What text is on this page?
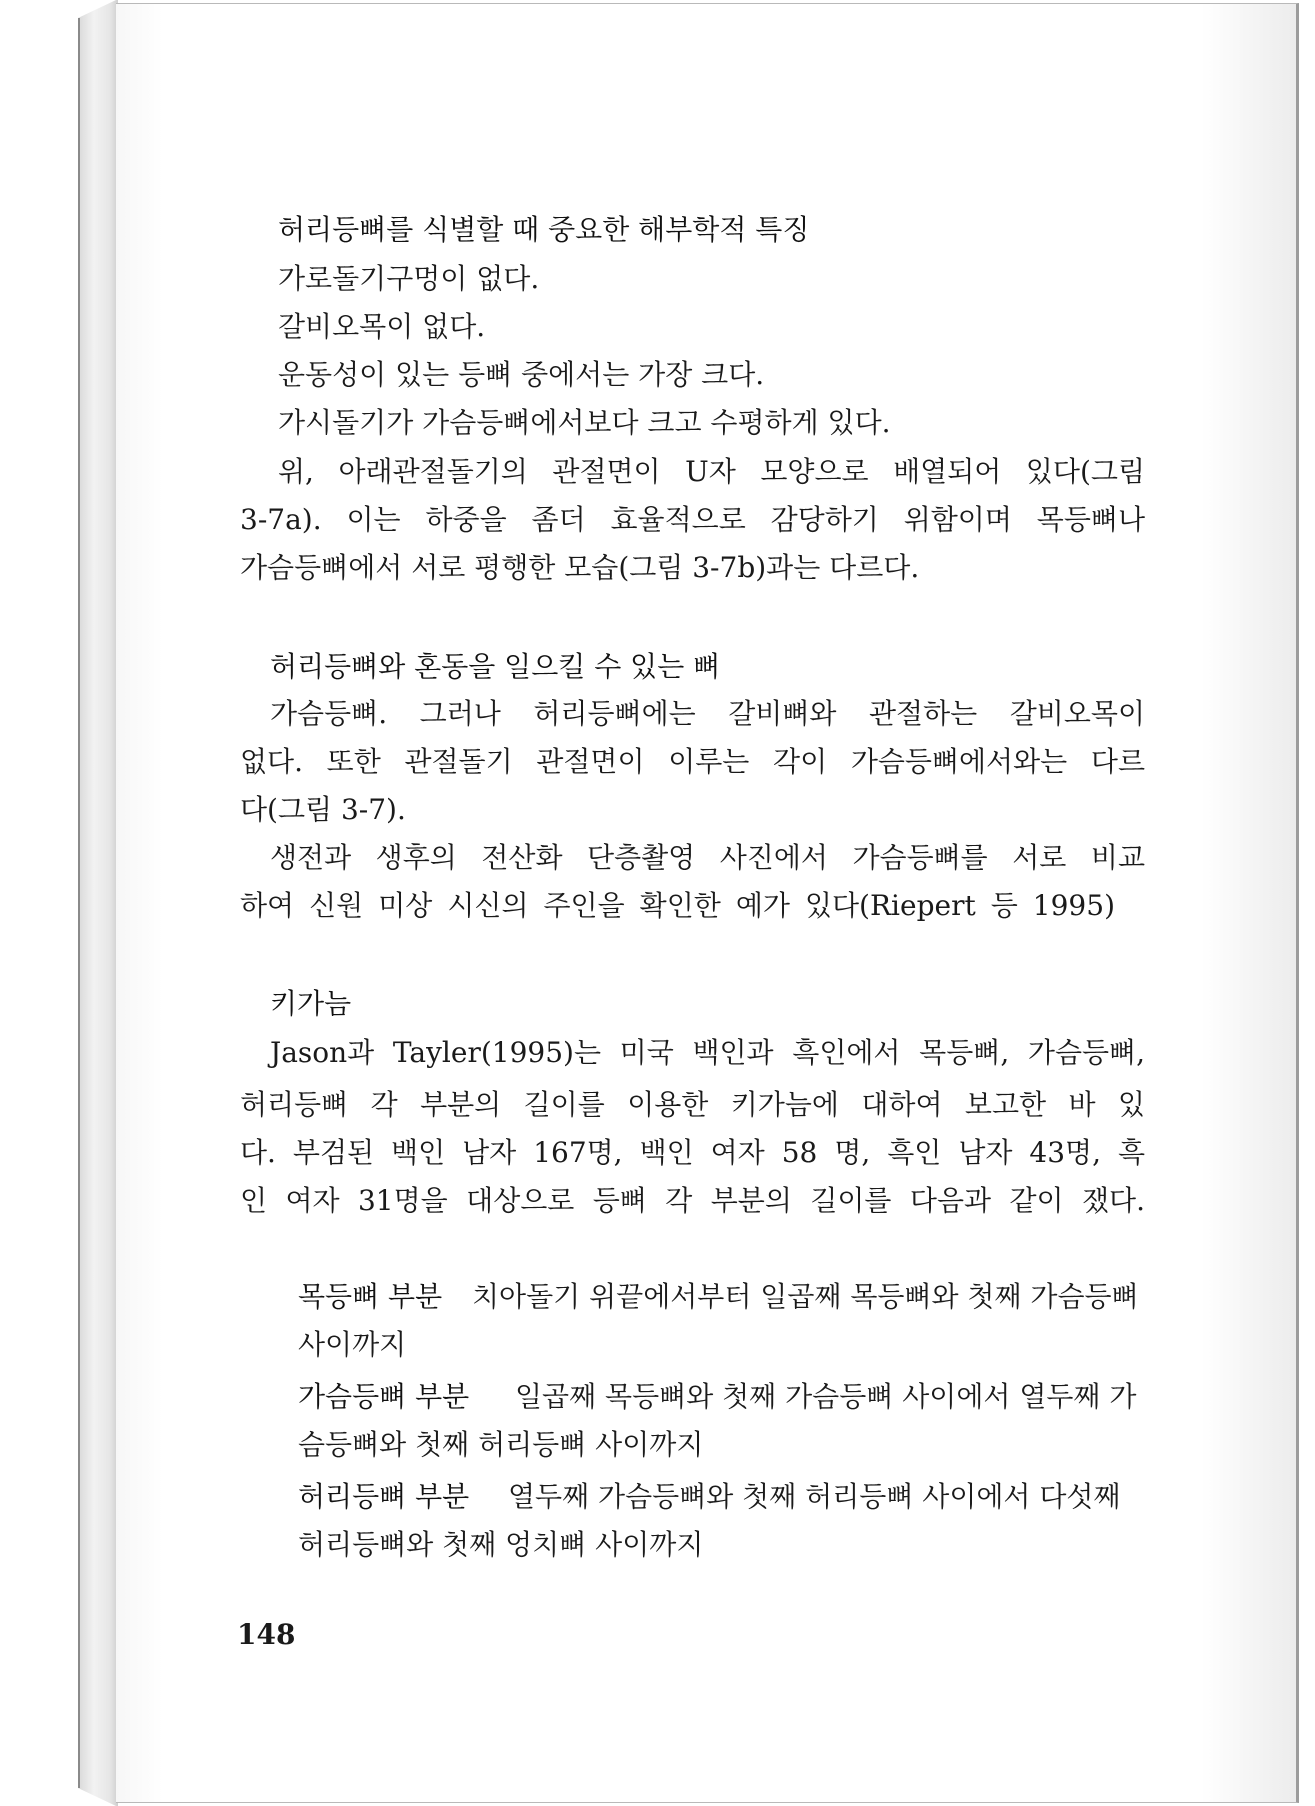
허리등뼈를 식별할 때 중요한 해부학적 특징
가로돌기구멍이 없다.
갈비오목이 없다.
운동성이 있는 등뼈 중에서는 가장 크다.
가시돌기가 가슴등뼈에서보다 크고 수평하게 있다.
위, 아래관절돌기의 관절면이 U자 모양으로 배열되어 있다(그림
3-7a). 이는 하중을 좀더 효율적으로 감당하기 위함이며 목등뼈나
가슴등뼈에서 서로 평행한 모습(그림 3-7b)과는 다르다.
허리등뼈와 혼동을 일으킬 수 있는 뼈
가슴등뼈. 그러나 허리등뼈에는 갈비뼈와 관절하는 갈비오목이
없다. 또한 관절돌기 관절면이 이루는 각이 가슴등뼈에서와는 다르
다(그림 3-7).
생전과 생후의 전산화 단층촬영 사진에서 가슴등뼈를 서로 비교
하여 신원 미상 시신의 주인을 확인한 예가 있다(Riepert 등 1995)
키가늠
Jason과 Tayler(1995)는 미국 백인과 흑인에서 목등뼈, 가슴등뼈,
허리등뼈 각 부분의 길이를 이용한 키가늠에 대하여 보고한 바 있
다. 부검된 백인 남자 167명, 백인 여자 58 명, 흑인 남자 43명, 흑
인 여자 31명을 대상으로 등뼈 각 부분의 길이를 다음과 같이 쟀다.
목등뼈 부분 치아돌기 위끝에서부터 일곱째 목등뼈와 첫째 가슴등뼈
사이까지
가슴등뼈 부분 일곱째 목등뼈와 첫째 가슴등뼈 사이에서 열두째 가
슴등뼈와 첫째 허리등뼈 사이까지
허리등뼈 부분 열두째 가슴등뼈와 첫째 허리등뼈 사이에서 다섯째
허리등뼈와 첫째 엉치뼈 사이까지
148
